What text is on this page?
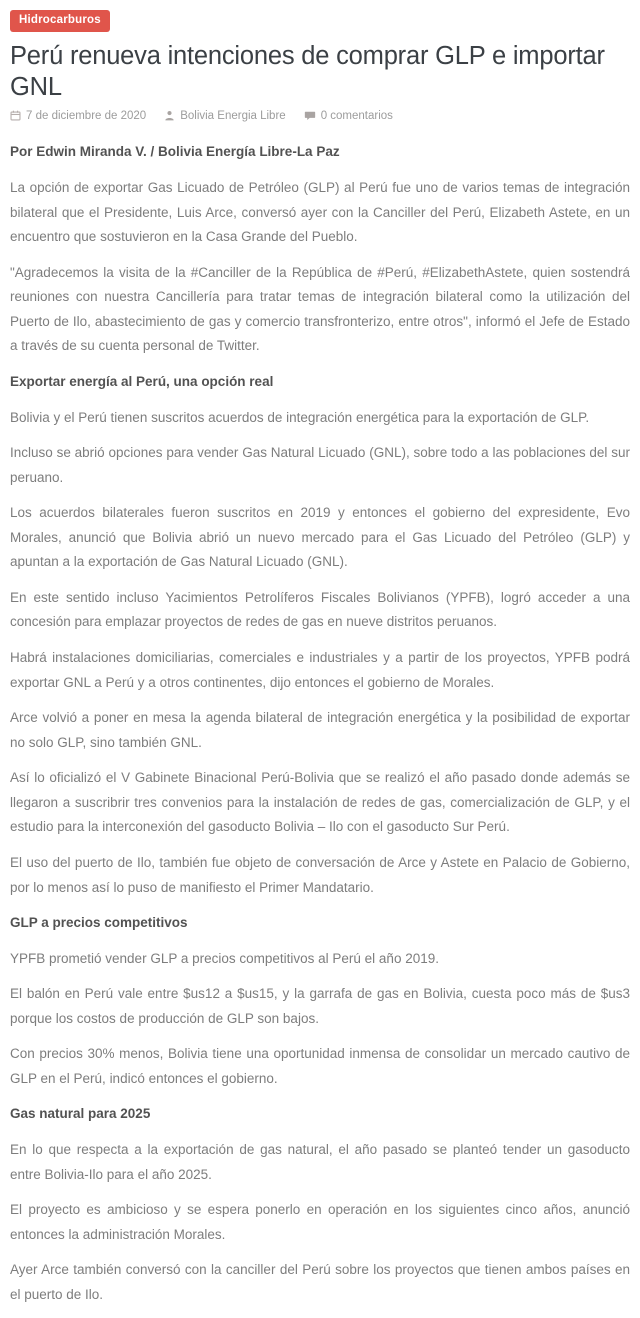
Hidrocarburos
Perú renueva intenciones de comprar GLP e importar GNL
7 de diciembre de 2020	Bolivia Energia Libre	0 comentarios

Por Edwin Miranda V. / Bolivia Energía Libre-La Paz

La opción de exportar Gas Licuado de Petróleo (GLP) al Perú fue uno de varios temas de integración bilateral que el Presidente, Luis Arce, conversó ayer con la Canciller del Perú, Elizabeth Astete, en un encuentro que sostuvieron en la Casa Grande del Pueblo.

"Agradecemos la visita de la #Canciller de la República de #Perú, #ElizabethAstete, quien sostendrá reuniones con nuestra Cancillería para tratar temas de integración bilateral como la utilización del Puerto de Ilo, abastecimiento de gas y comercio transfronterizo, entre otros", informó el Jefe de Estado a través de su cuenta personal de Twitter.

Exportar energía al Perú, una opción real

Bolivia y el Perú tienen suscritos acuerdos de integración energética para la exportación de GLP.

Incluso se abrió opciones para vender Gas Natural Licuado (GNL), sobre todo a las poblaciones del sur peruano.

Los acuerdos bilaterales fueron suscritos en 2019 y entonces el gobierno del expresidente, Evo Morales, anunció que Bolivia abrió un nuevo mercado para el Gas Licuado del Petróleo (GLP) y apuntan a la exportación de Gas Natural Licuado (GNL).

En este sentido incluso Yacimientos Petrolíferos Fiscales Bolivianos (YPFB), logró acceder a una concesión para emplazar proyectos de redes de gas en nueve distritos peruanos.

Habrá instalaciones domiciliarias, comerciales e industriales y a partir de los proyectos, YPFB podrá exportar GNL a Perú y a otros continentes, dijo entonces el gobierno de Morales.

Arce volvió a poner en mesa la agenda bilateral de integración energética y la posibilidad de exportar no solo GLP, sino también GNL.

Así lo oficializó el V Gabinete Binacional Perú-Bolivia que se realizó el año pasado donde además se llegaron a suscribrir tres convenios para la instalación de redes de gas, comercialización de GLP, y el estudio para la interconexión del gasoducto Bolivia – Ilo con el gasoducto Sur Perú.

El uso del puerto de Ilo, también fue objeto de conversación de Arce y Astete en Palacio de Gobierno, por lo menos así lo puso de manifiesto el Primer Mandatario.

GLP a precios competitivos

YPFB prometió vender GLP a precios competitivos al Perú el año 2019.

El balón en Perú vale entre $us12 a $us15, y la garrafa de gas en Bolivia, cuesta poco más de $us3 porque los costos de producción de GLP son bajos.

Con precios 30% menos, Bolivia tiene una oportunidad inmensa de consolidar un mercado cautivo de GLP en el Perú, indicó entonces el gobierno.

Gas natural para 2025

En lo que respecta a la exportación de gas natural, el año pasado se planteó tender un gasoducto entre Bolivia-Ilo para el año 2025.

El proyecto es ambicioso y se espera ponerlo en operación en los siguientes cinco años, anunció entonces la administración Morales.

Ayer Arce también conversó con la canciller del Perú sobre los proyectos que tienen ambos países en el puerto de Ilo.
